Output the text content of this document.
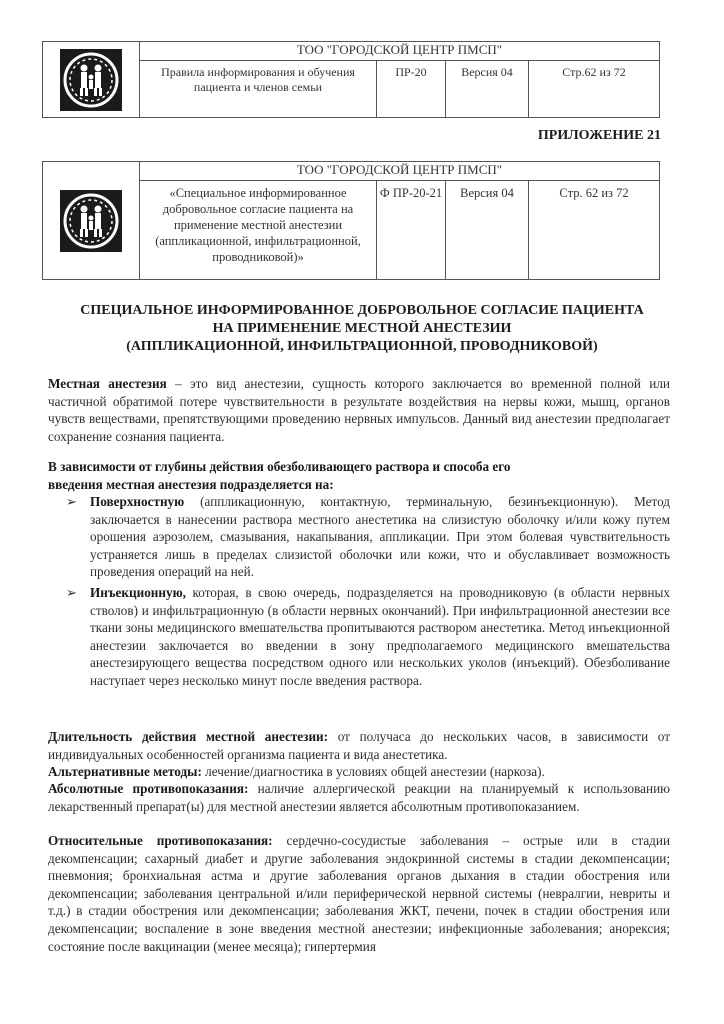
	ТОО "ГОРОДСКОЙ ЦЕНТР ПМСП"			
	Правила информирования и обучения пациента и членов семьи	ПР-20	Версия 04	Стр.62 из 72
ПРИЛОЖЕНИЕ 21
	ТОО "ГОРОДСКОЙ ЦЕНТР ПМСП"			
	«Специальное информированное добровольное согласие пациента на применение местной анестезии (аппликационной, инфильтрационной, проводниковой)»	Ф ПР-20-21	Версия 04	Стр. 62 из 72
СПЕЦИАЛЬНОЕ ИНФОРМИРОВАННОЕ ДОБРОВОЛЬНОЕ СОГЛАСИЕ ПАЦИЕНТА
НА ПРИМЕНЕНИЕ МЕСТНОЙ АНЕСТЕЗИИ
(АППЛИКАЦИОННОЙ, ИНФИЛЬТРАЦИОННОЙ, ПРОВОДНИКОВОЙ)
Местная анестезия – это вид анестезии, сущность которого заключается во временной полной или частичной обратимой потере чувствительности в результате воздействия на нервы кожи, мышц, органов чувств веществами, препятствующими проведению нервных импульсов. Данный вид анестезии предполагает сохранение сознания пациента.
В зависимости от глубины действия обезболивающего раствора и способа его
введения местная анестезия подразделяется на:
➢ Поверхностную (аппликационную, контактную, терминальную, безинъекционную). Метод заключается в нанесении раствора местного анестетика на слизистую оболочку и/или кожу путем орошения аэрозолем, смазывания, накапывания, аппликации. При этом болевая чувствительность устраняется лишь в пределах слизистой оболочки или кожи, что и обуславливает возможность проведения операций на ней.
➢ Инъекционную, которая, в свою очередь, подразделяется на проводниковую (в области нервных стволов) и инфильтрационную (в области нервных окончаний). При инфильтрационной анестезии все ткани зоны медицинского вмешательства пропитываются раствором анестетика. Метод инъекционной анестезии заключается во введении в зону предполагаемого медицинского вмешательства анестезирующего вещества посредством одного или нескольких уколов (инъекций). Обезболивание наступает через несколько минут после введения раствора.
Длительность действия местной анестезии: от получаса до нескольких часов, в зависимости от индивидуальных особенностей организма пациента и вида анестетика.
Альтернативные методы: лечение/диагностика в условиях общей анестезии (наркоза).
Абсолютные противопоказания: наличие аллергической реакции на планируемый к использованию лекарственный препарат(ы) для местной анестезии является абсолютным противопоказанием.
Относительные противопоказания: сердечно-сосудистые заболевания – острые или в стадии декомпенсации; сахарный диабет и другие заболевания эндокринной системы в стадии декомпенсации; пневмония; бронхиальная астма и другие заболевания органов дыхания в стадии обострения или декомпенсации; заболевания центральной и/или периферической нервной системы (невралгии, невриты и т.д.) в стадии обострения или декомпенсации; заболевания ЖКТ, печени, почек в стадии обострения или декомпенсации; воспаление в зоне введения местной анестезии; инфекционные заболевания; анорексия; состояние после вакцинации (менее месяца); гипертермия
